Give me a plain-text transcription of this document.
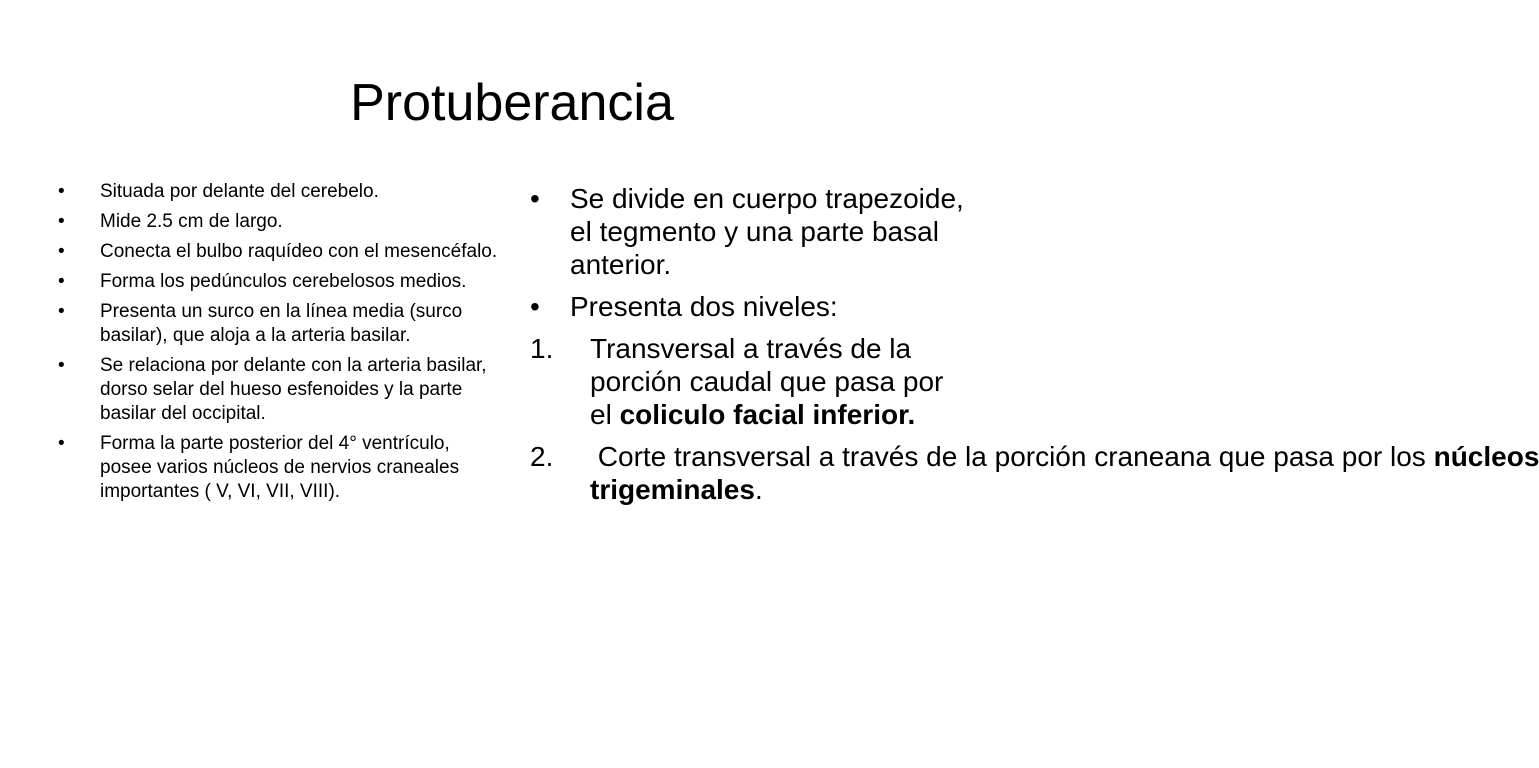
Protuberancia
•	Situada por delante del cerebelo.
•	Mide 2.5 cm de largo.
•	Conecta el bulbo raquídeo con el mesencéfalo.
•	Forma los pedúnculos cerebelosos medios.
•	Presenta un surco en la línea media (surco basilar), que aloja a la arteria basilar.
•	Se relaciona por delante con la arteria basilar, dorso selar del hueso esfenoides y la parte basilar del occipital.
•	Forma la parte posterior del 4° ventrículo, posee varios núcleos de nervios craneales importantes ( V, VI, VII, VIII).
• Se divide en cuerpo trapezoide, el tegmento y una parte basal anterior.
• Presenta dos niveles:
1. Transversal a través de la porción caudal que pasa por el coliculo facial inferior.
2. Corte transversal a través de la porción craneana que pasa por los núcleos trigeminales.
